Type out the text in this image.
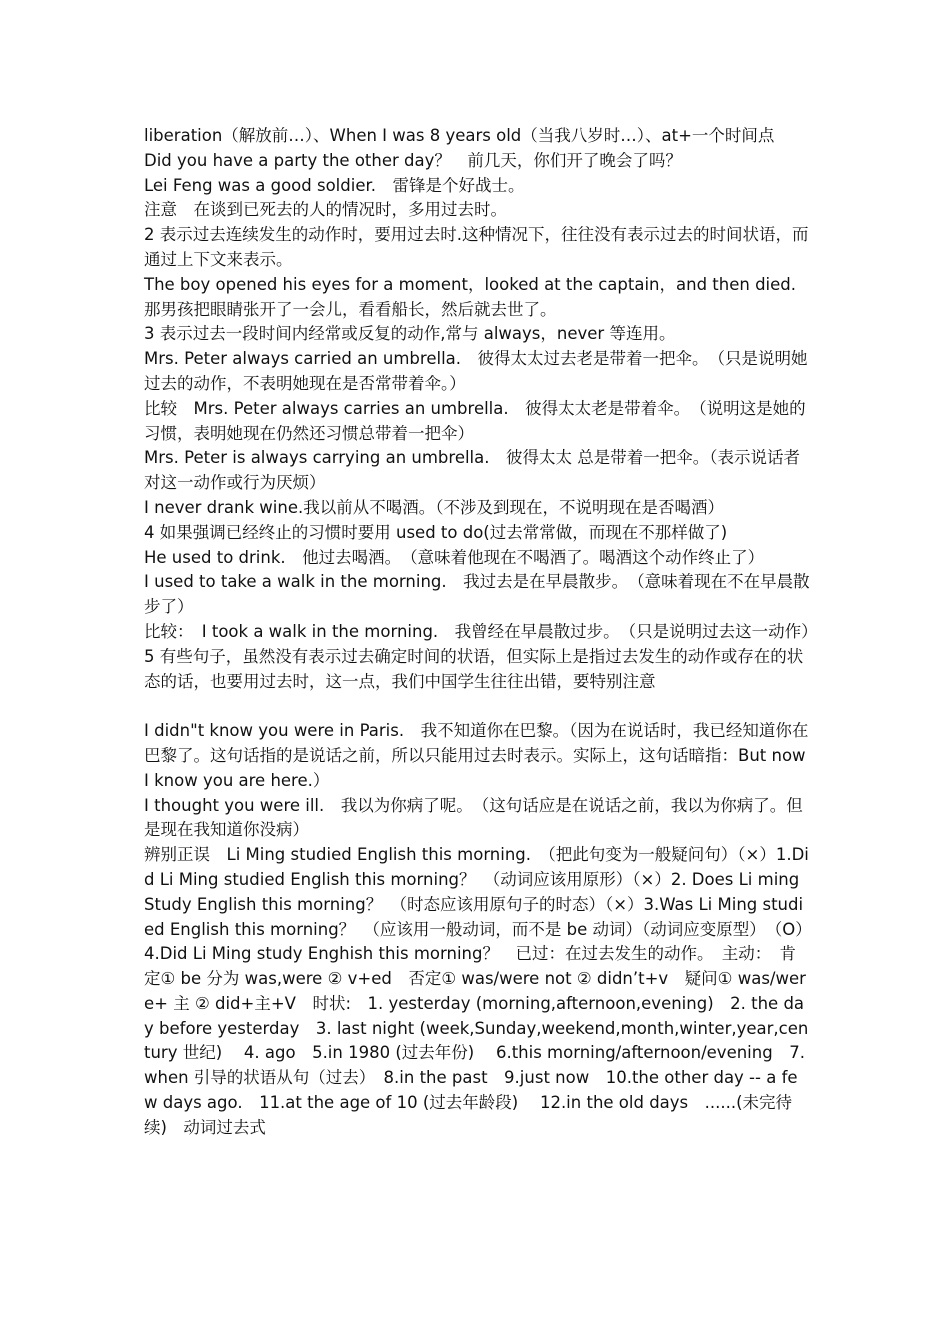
liberation（解放前…）、When I was 8 years old（当我八岁时…）、at+一个时间点

Did you have a party the other day？　前几天，你们开了晚会了吗？

Lei Feng was a good soldier.　雷锋是个好战士。

注意　在谈到已死去的人的情况时，多用过去时。

2 表示过去连续发生的动作时，要用过去时.这种情况下，往往没有表示过去的时间状语，而通过上下文来表示。

The boy opened his eyes for a moment，looked at the captain，and then died. 那男孩把眼睛张开了一会儿，看看船长，然后就去世了。

3 表示过去一段时间内经常或反复的动作,常与 always，never 等连用。

Mrs. Peter always carried an umbrella.　彼得太太过去老是带着一把伞。　（只是说明她过去的动作，不表明她现在是否常带着伞。）

比较　Mrs. Peter always carries an umbrella.　彼得太太老是带着伞。　（说明这是她的习惯，表明她现在仍然还习惯总带着一把伞）

Mrs. Peter is always carrying an umbrella.　彼得太太 总是带着一把伞。（表示说话者对这一动作或行为厌烦）

I never drank wine.我以前从不喝酒。（不涉及到现在，不说明现在是否喝酒）

4 如果强调已经终止的习惯时要用 used to do(过去常常做，而现在不那样做了)

He used to drink.　他过去喝酒。　（意味着他现在不喝酒了。喝酒这个动作终止了）

I used to take a walk in the morning.　我过去是在早晨散步。　（意味着现在不在早晨散步了）

比较：　I took a walk in the morning.　我曾经在早晨散过步。　（只是说明过去这一动作）

5 有些句子，虽然没有表示过去确定时间的状语，但实际上是指过去发生的动作或存在的状态的话，也要用过去时，这一点，我们中国学生往往出错，要特别注意

I didn"t know you were in Paris.　我不知道你在巴黎。（因为在说话时，我已经知道你在巴黎了。这句话指的是说话之前，所以只能用过去时表示。实际上，这句话暗指：But now I know you are here.）

I thought you were ill.　我以为你病了呢。　（这句话应是在说话之前，我以为你病了。但是现在我知道你没病）

辨别正误　Li Ming studied English this morning.　（把此句变为一般疑问句）（×）1.Did Li Ming studied English this morning？　（动词应该用原形）（×）2. Does Li ming Study English this morning？　（时态应该用原句子的时态）（×）3.Was Li Ming studied English this morning？　（应该用一般动词，而不是 be 动词）（动词应变原型）　（O）4.Did Li Ming study Enghish this morning？　已过：在过去发生的动作。　主动：　肯定① be 分为 was,were ② v+ed　否定① was/were not ② didn’t+v　疑问① was/were+ 主 ② did+主+V　时状:　1. yesterday (morning,afternoon,evening)　2. the day before yesterday　3. last night (week,Sunday,weekend,month,winter,year,century 世纪)　 4. ago　5.in 1980 (过去年份)　 6.this morning/afternoon/evening　7.when 引导的状语从句（过去）　8.in the past　9.just now　10.the other day -- a few days ago.　11.at the age of 10 (过去年龄段)　 12.in the old days　......(未完待续)　动词过去式
